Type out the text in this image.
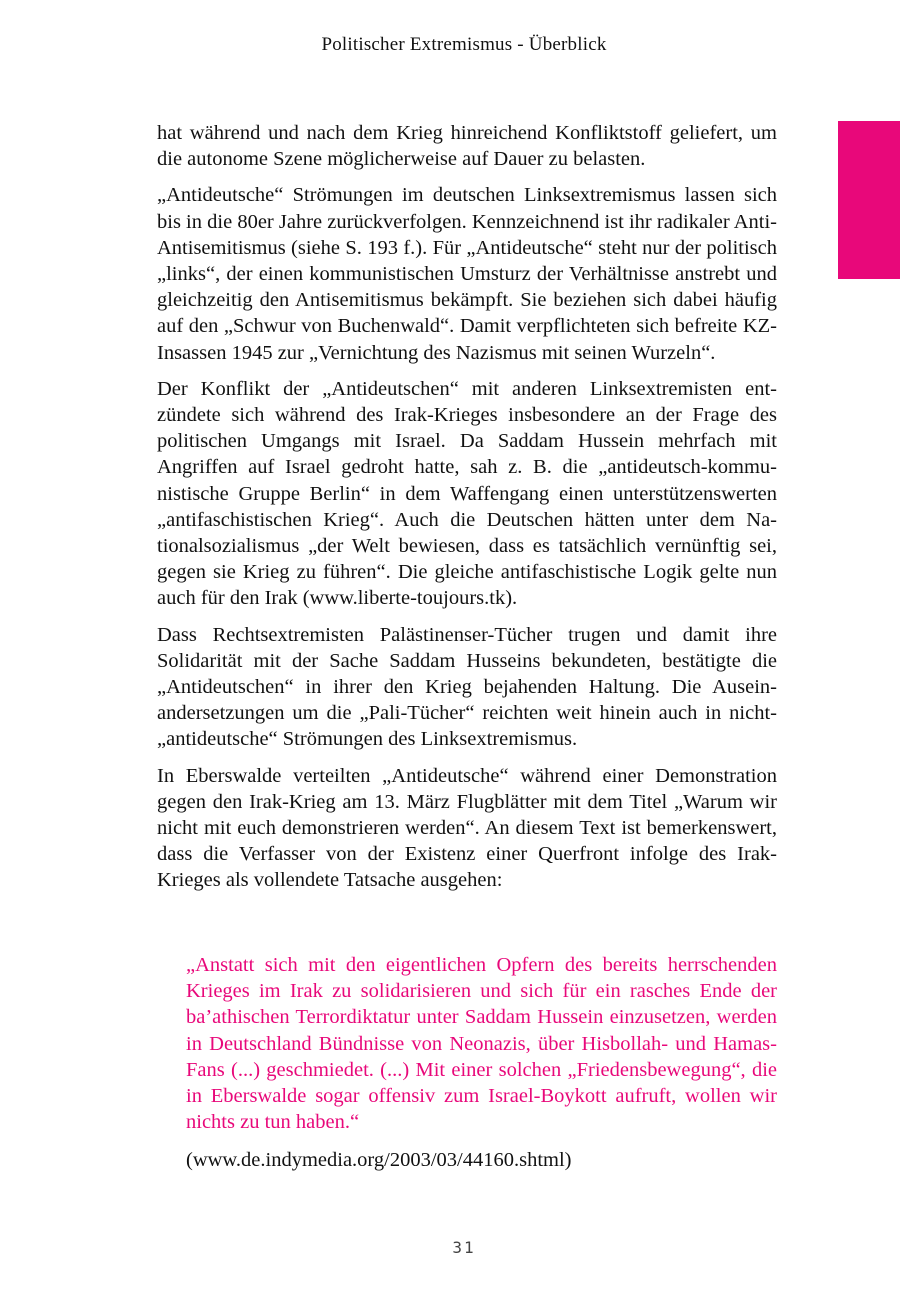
Politischer Extremismus - Überblick

hat während und nach dem Krieg hinreichend Konfliktstoff geliefert, um die autonome Szene möglicherweise auf Dauer zu belasten.

„Antideutsche“ Strömungen im deutschen Linksextremismus lassen sich bis in die 80er Jahre zurückverfolgen. Kennzeichnend ist ihr radikaler Anti-Antisemitismus (siehe S. 193 f.). Für „Antideutsche“ steht nur der politisch „links“, der einen kommunistischen Umsturz der Verhältnisse anstrebt und gleichzeitig den Antisemitismus bekämpft. Sie beziehen sich dabei häufig auf den „Schwur von Buchenwald“. Damit verpflichteten sich befreite KZ-Insassen 1945 zur „Vernichtung des Nazismus mit seinen Wurzeln“.

Der Konflikt der „Antideutschen“ mit anderen Linksextremisten entzündete sich während des Irak-Krieges insbesondere an der Frage des politischen Umgangs mit Israel. Da Saddam Hussein mehrfach mit Angriffen auf Israel gedroht hatte, sah z. B. die „antideutsch-kommunistische Gruppe Berlin“ in dem Waffengang einen unterstützenswerten „antifaschistischen Krieg“. Auch die Deutschen hätten unter dem Nationalsozialismus „der Welt bewiesen, dass es tatsächlich vernünftig sei, gegen sie Krieg zu führen“. Die gleiche antifaschistische Logik gelte nun auch für den Irak (www.liberte-toujours.tk).

Dass Rechtsextremisten Palästinenser-Tücher trugen und damit ihre Solidarität mit der Sache Saddam Husseins bekundeten, bestätigte die „Antideutschen“ in ihrer den Krieg bejahenden Haltung. Die Auseinandersetzungen um die „Pali-Tücher“ reichten weit hinein auch in nicht-„antideutsche“ Strömungen des Linksextremismus.

In Eberswalde verteilten „Antideutsche“ während einer Demonstration gegen den Irak-Krieg am 13. März Flugblätter mit dem Titel „Warum wir nicht mit euch demonstrieren werden“. An diesem Text ist bemerkenswert, dass die Verfasser von der Existenz einer Querfront infolge des Irak-Krieges als vollendete Tatsache ausgehen:

„Anstatt sich mit den eigentlichen Opfern des bereits herrschenden Krieges im Irak zu solidarisieren und sich für ein rasches Ende der ba’athischen Terrordiktatur unter Saddam Hussein einzusetzen, werden in Deutschland Bündnisse von Neonazis, über Hisbollah- und Hamas-Fans (...) geschmiedet. (...) Mit einer solchen „Friedensbewegung“, die in Eberswalde sogar offensiv zum Israel-Boykott aufruft, wollen wir nichts zu tun haben.“

(www.de.indymedia.org/2003/03/44160.shtml)

31
